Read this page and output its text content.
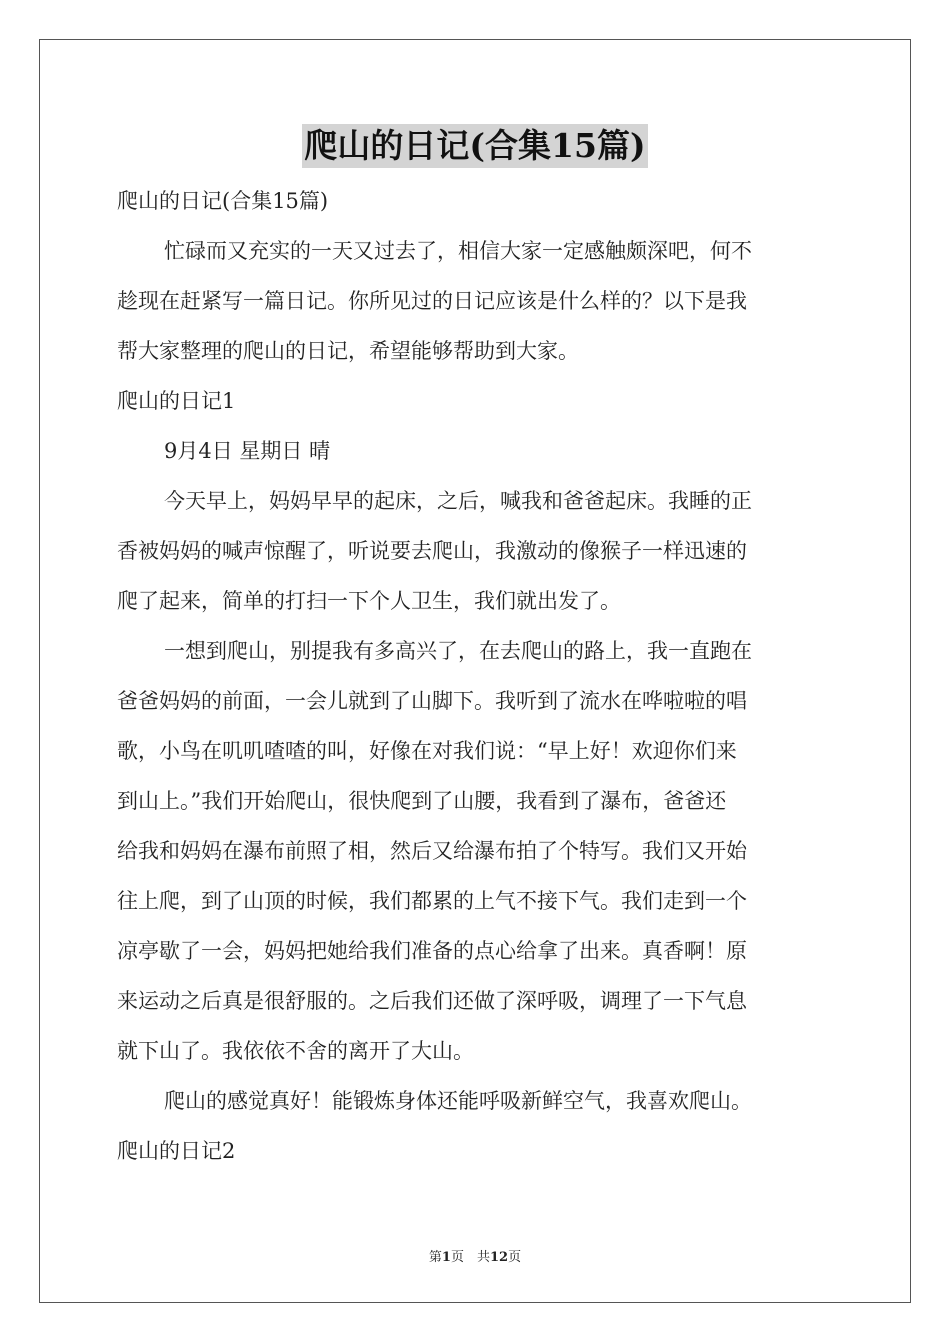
爬山的日记(合集15篇)

爬山的日记(合集15篇)

忙碌而又充实的一天又过去了，相信大家一定感触颇深吧，何不

趁现在赶紧写一篇日记。你所见过的日记应该是什么样的？以下是我

帮大家整理的爬山的日记，希望能够帮助到大家。

爬山的日记1

9月4日 星期日 晴

今天早上，妈妈早早的起床，之后，喊我和爸爸起床。我睡的正

香被妈妈的喊声惊醒了，听说要去爬山，我激动的像猴子一样迅速的

爬了起来，简单的打扫一下个人卫生，我们就出发了。

一想到爬山，别提我有多高兴了，在去爬山的路上，我一直跑在

爸爸妈妈的前面，一会儿就到了山脚下。我听到了流水在哗啦啦的唱

歌，小鸟在叽叽喳喳的叫，好像在对我们说：“早上好！欢迎你们来

到山上。”我们开始爬山，很快爬到了山腰，我看到了瀑布，爸爸还

给我和妈妈在瀑布前照了相，然后又给瀑布拍了个特写。我们又开始

往上爬，到了山顶的时候，我们都累的上气不接下气。我们走到一个

凉亭歇了一会，妈妈把她给我们准备的点心给拿了出来。真香啊！原

来运动之后真是很舒服的。之后我们还做了深呼吸，调理了一下气息

就下山了。我依依不舍的离开了大山。

爬山的感觉真好！能锻炼身体还能呼吸新鲜空气，我喜欢爬山。

爬山的日记2

第1页　共12页
